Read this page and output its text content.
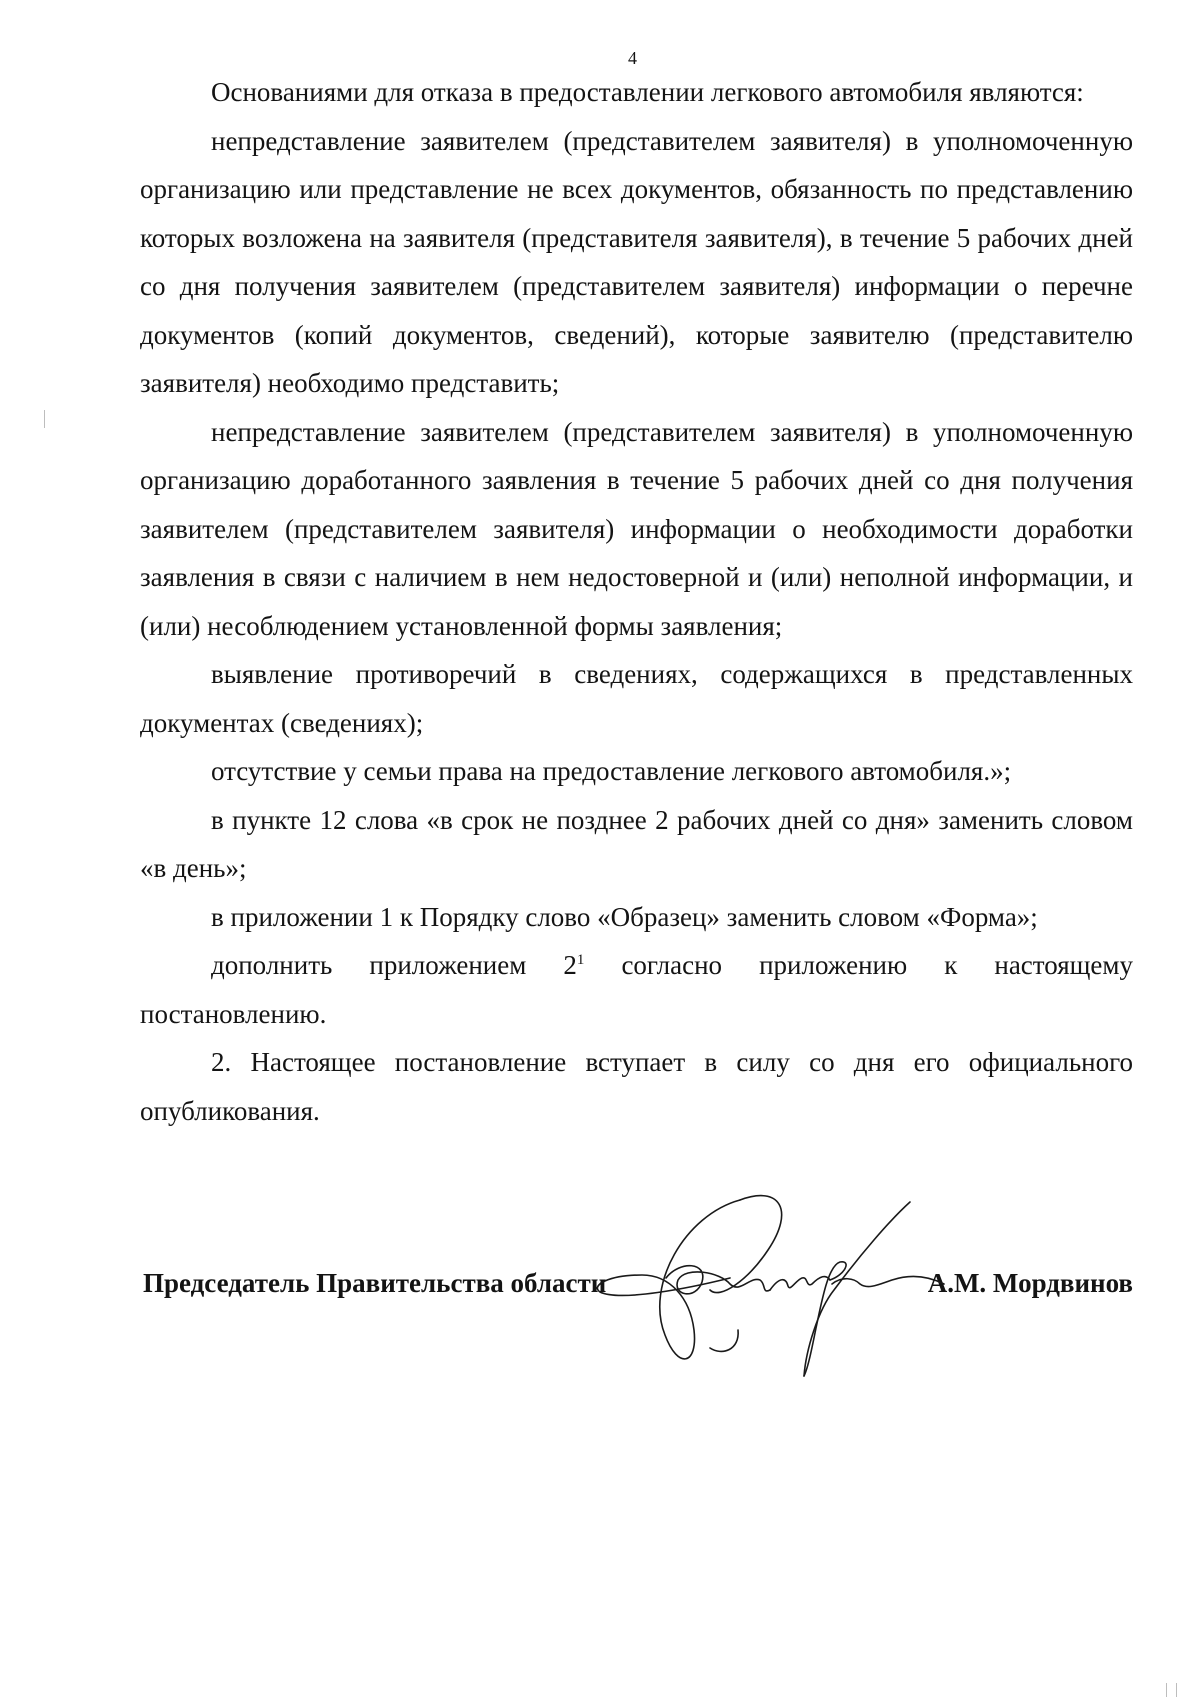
4

Основаниями для отказа в предоставлении легкового автомобиля являются:

непредставление заявителем (представителем заявителя) в уполномоченную организацию или представление не всех документов, обязанность по представлению которых возложена на заявителя (представителя заявителя), в течение 5 рабочих дней со дня получения заявителем (представителем заявителя) информации о перечне документов (копий документов, сведений), которые заявителю (представителю заявителя) необходимо представить;

непредставление заявителем (представителем заявителя) в уполномоченную организацию доработанного заявления в течение 5 рабочих дней со дня получения заявителем (представителем заявителя) информации о необходимости доработки заявления в связи с наличием в нем недостоверной и (или) неполной информации, и (или) несоблюдением установленной формы заявления;

выявление противоречий в сведениях, содержащихся в представленных документах (сведениях);

отсутствие у семьи права на предоставление легкового автомобиля.»;

в пункте 12 слова «в срок не позднее 2 рабочих дней со дня» заменить словом «в день»;

в приложении 1 к Порядку слово «Образец» заменить словом «Форма»;

дополнить приложением $2^1$ согласно приложению к настоящему постановлению.

2. Настоящее постановление вступает в силу со дня его официального опубликования.

Председатель Правительства области	А.М. Мордвинов
